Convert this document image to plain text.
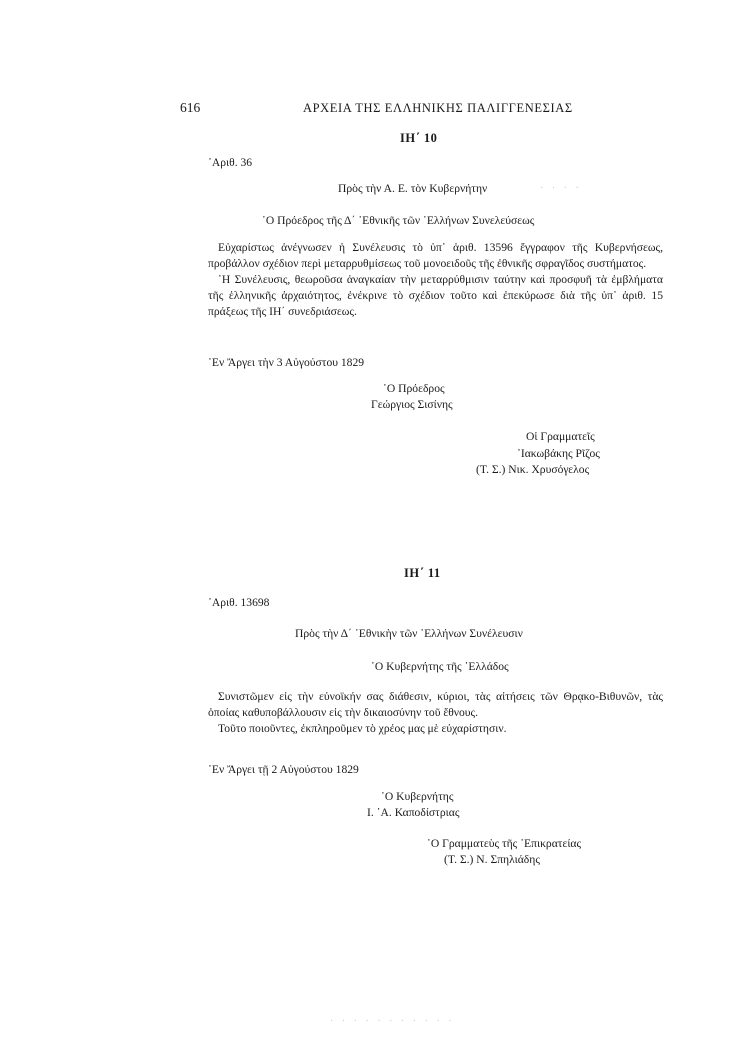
616	ΑΡΧΕΙΑ ΤΗΣ ΕΛΛΗΝΙΚΗΣ ΠΑΛΙΓΓΕΝΕΣΙΑΣ
ΙΗ΄ 10
᾿Αριθ. 36
Πρὸς τὴν Α. Ε. τὸν Κυβερνήτην
῾Ο Πρόεδρος τῆς Δ΄ ᾿Εθνικῆς τῶν ῾Ελλήνων Συνελεύσεως

Εὐχαρίστως ἀνέγνωσεν ἡ Συνέλευσις τὸ ὑπ᾿ ἀριθ. 13596 ἔγγραφον τῆς Κυβερνήσεως, προβάλλον σχέδιον περὶ μεταρρυθμίσεως τοῦ μονοειδοῦς τῆς ἐθνικῆς σφραγῖδος συστήματος.

῾Η Συνέλευσις, θεωροῦσα ἀναγκαίαν τὴν μεταρρύθμισιν ταύτην καὶ προσφυῆ τὰ ἐμβλήματα τῆς ἑλληνικῆς ἀρχαιότητος, ἐνέκρινε τὸ σχέδιον τοῦτο καὶ ἐπεκύρωσε διὰ τῆς ὑπ᾿ ἀριθ. 15 πράξεως τῆς ΙΗ΄ συνεδριάσεως.

᾿Εν Ἄργει τὴν 3 Αὐγούστου 1829
῾Ο Πρόεδρος
Γεώργιος Σισίνης
Οἱ Γραμματεῖς
᾿Ιακωβάκης Ρῖζος
(Τ. Σ.) Νικ. Χρυσόγελος
ΙΗ΄ 11
᾿Αριθ. 13698
Πρὸς τὴν Δ΄ ᾿Εθνικὴν τῶν ῾Ελλήνων Συνέλευσιν
῾Ο Κυβερνήτης τῆς ῾Ελλάδος

Συνιστῶμεν εἰς τὴν εὐνοϊκήν σας διάθεσιν, κύριοι, τὰς αἰτήσεις τῶν Θρᾳκο-Βιθυνῶν, τὰς ὁποίας καθυποβάλλουσιν εἰς τὴν δικαιοσύνην τοῦ ἔθνους.

Τοῦτο ποιοῦντες, ἐκπληροῦμεν τὸ χρέος μας μὲ εὐχαρίστησιν.

᾿Εν Ἄργει τῇ 2 Αὐγούστου 1829
῾Ο Κυβερνήτης
Ι. ᾿Α. Καποδίστριας
῾Ο Γραμματεὺς τῆς ᾿Επικρατείας
(Τ. Σ.) Ν. Σπηλιάδης
· · · ·
· · · · · · · · · · ·
